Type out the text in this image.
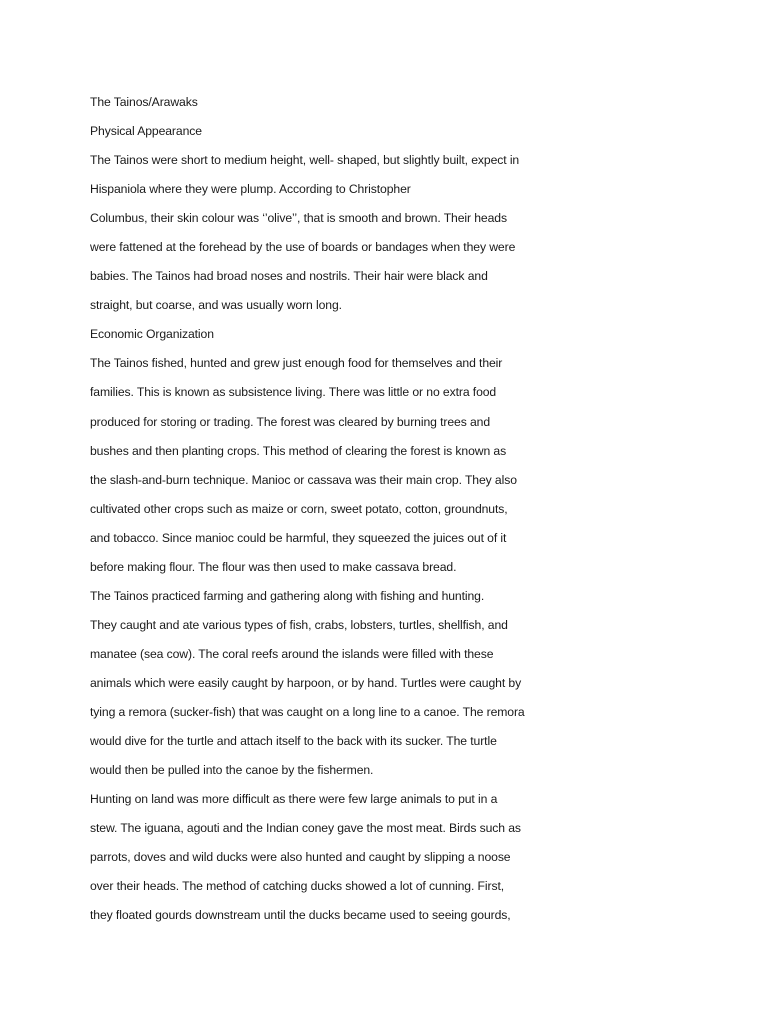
The Tainos/Arawaks
Physical Appearance
The Tainos were short to medium height, well- shaped, but slightly built, expect in
Hispaniola where they were plump. According to Christopher
Columbus, their skin colour was ‘’olive’’, that is smooth and brown. Their heads
were fattened at the forehead by the use of boards or bandages when they were
babies. The Tainos had broad noses and nostrils. Their hair were black and
straight, but coarse, and was usually worn long.
Economic Organization
The Tainos fished, hunted and grew just enough food for themselves and their
families. This is known as subsistence living. There was little or no extra food
produced for storing or trading. The forest was cleared by burning trees and
bushes and then planting crops. This method of clearing the forest is known as
the slash-and-burn technique. Manioc or cassava was their main crop. They also
cultivated other crops such as maize or corn, sweet potato, cotton, groundnuts,
and tobacco. Since manioc could be harmful, they squeezed the juices out of it
before making flour. The flour was then used to make cassava bread.
The Tainos practiced farming and gathering along with fishing and hunting.
They caught and ate various types of fish, crabs, lobsters, turtles, shellfish, and
manatee (sea cow). The coral reefs around the islands were filled with these
animals which were easily caught by harpoon, or by hand. Turtles were caught by
tying a remora (sucker-fish) that was caught on a long line to a canoe. The remora
would dive for the turtle and attach itself to the back with its sucker. The turtle
would then be pulled into the canoe by the fishermen.
Hunting on land was more difficult as there were few large animals to put in a
stew. The iguana, agouti and the Indian coney gave the most meat. Birds such as
parrots, doves and wild ducks were also hunted and caught by slipping a noose
over their heads. The method of catching ducks showed a lot of cunning. First,
they floated gourds downstream until the ducks became used to seeing gourds,
